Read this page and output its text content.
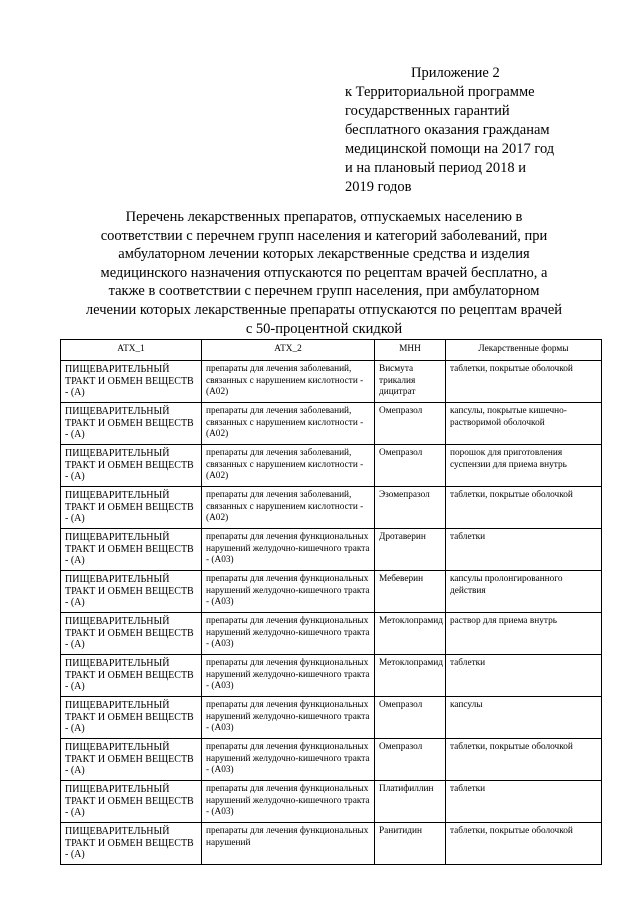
Приложение 2
к Территориальной программе
государственных гарантий
бесплатного оказания гражданам
медицинской помощи на 2017 год
и на плановый период 2018 и
2019 годов
Перечень лекарственных препаратов, отпускаемых населению в
соответствии с перечнем групп населения и категорий заболеваний, при
амбулаторном лечении которых лекарственные средства и изделия
медицинского назначения отпускаются по рецептам врачей бесплатно, а
также в соответствии с перечнем групп населения, при амбулаторном
лечении которых лекарственные препараты отпускаются по рецептам врачей
с 50-процентной скидкой
АТХ_1	АТХ_2	МНН	Лекарственные формы
ПИЩЕВАРИТЕЛЬНЫЙ ТРАКТ И ОБМЕН ВЕЩЕСТВ - (A)	препараты для лечения заболеваний, связанных с нарушением кислотности - (A02)	Висмута трикалия дицитрат	таблетки, покрытые оболочкой
ПИЩЕВАРИТЕЛЬНЫЙ ТРАКТ И ОБМЕН ВЕЩЕСТВ - (A)	препараты для лечения заболеваний, связанных с нарушением кислотности - (A02)	Омепразол	капсулы, покрытые кишечно-растворимой оболочкой
ПИЩЕВАРИТЕЛЬНЫЙ ТРАКТ И ОБМЕН ВЕЩЕСТВ - (A)	препараты для лечения заболеваний, связанных с нарушением кислотности - (A02)	Омепразол	порошок для приготовления суспензии для приема внутрь
ПИЩЕВАРИТЕЛЬНЫЙ ТРАКТ И ОБМЕН ВЕЩЕСТВ - (A)	препараты для лечения заболеваний, связанных с нарушением кислотности - (A02)	Эзомепразол	таблетки, покрытые оболочкой
ПИЩЕВАРИТЕЛЬНЫЙ ТРАКТ И ОБМЕН ВЕЩЕСТВ - (A)	препараты для лечения функциональных нарушений желудочно-кишечного тракта - (A03)	Дротаверин	таблетки
ПИЩЕВАРИТЕЛЬНЫЙ ТРАКТ И ОБМЕН ВЕЩЕСТВ - (A)	препараты для лечения функциональных нарушений желудочно-кишечного тракта - (A03)	Мебеверин	капсулы пролонгированного действия
ПИЩЕВАРИТЕЛЬНЫЙ ТРАКТ И ОБМЕН ВЕЩЕСТВ - (A)	препараты для лечения функциональных нарушений желудочно-кишечного тракта - (A03)	Метоклопрамид	раствор для приема внутрь
ПИЩЕВАРИТЕЛЬНЫЙ ТРАКТ И ОБМЕН ВЕЩЕСТВ - (A)	препараты для лечения функциональных нарушений желудочно-кишечного тракта - (A03)	Метоклопрамид	таблетки
ПИЩЕВАРИТЕЛЬНЫЙ ТРАКТ И ОБМЕН ВЕЩЕСТВ - (A)	препараты для лечения функциональных нарушений желудочно-кишечного тракта - (A03)	Омепразол	капсулы
ПИЩЕВАРИТЕЛЬНЫЙ ТРАКТ И ОБМЕН ВЕЩЕСТВ - (A)	препараты для лечения функциональных нарушений желудочно-кишечного тракта - (A03)	Омепразол	таблетки, покрытые оболочкой
ПИЩЕВАРИТЕЛЬНЫЙ ТРАКТ И ОБМЕН ВЕЩЕСТВ - (A)	препараты для лечения функциональных нарушений желудочно-кишечного тракта - (A03)	Платифиллин	таблетки
ПИЩЕВАРИТЕЛЬНЫЙ ТРАКТ И ОБМЕН ВЕЩЕСТВ - (A)	препараты для лечения функциональных нарушений	Ранитидин	таблетки, покрытые оболочкой
